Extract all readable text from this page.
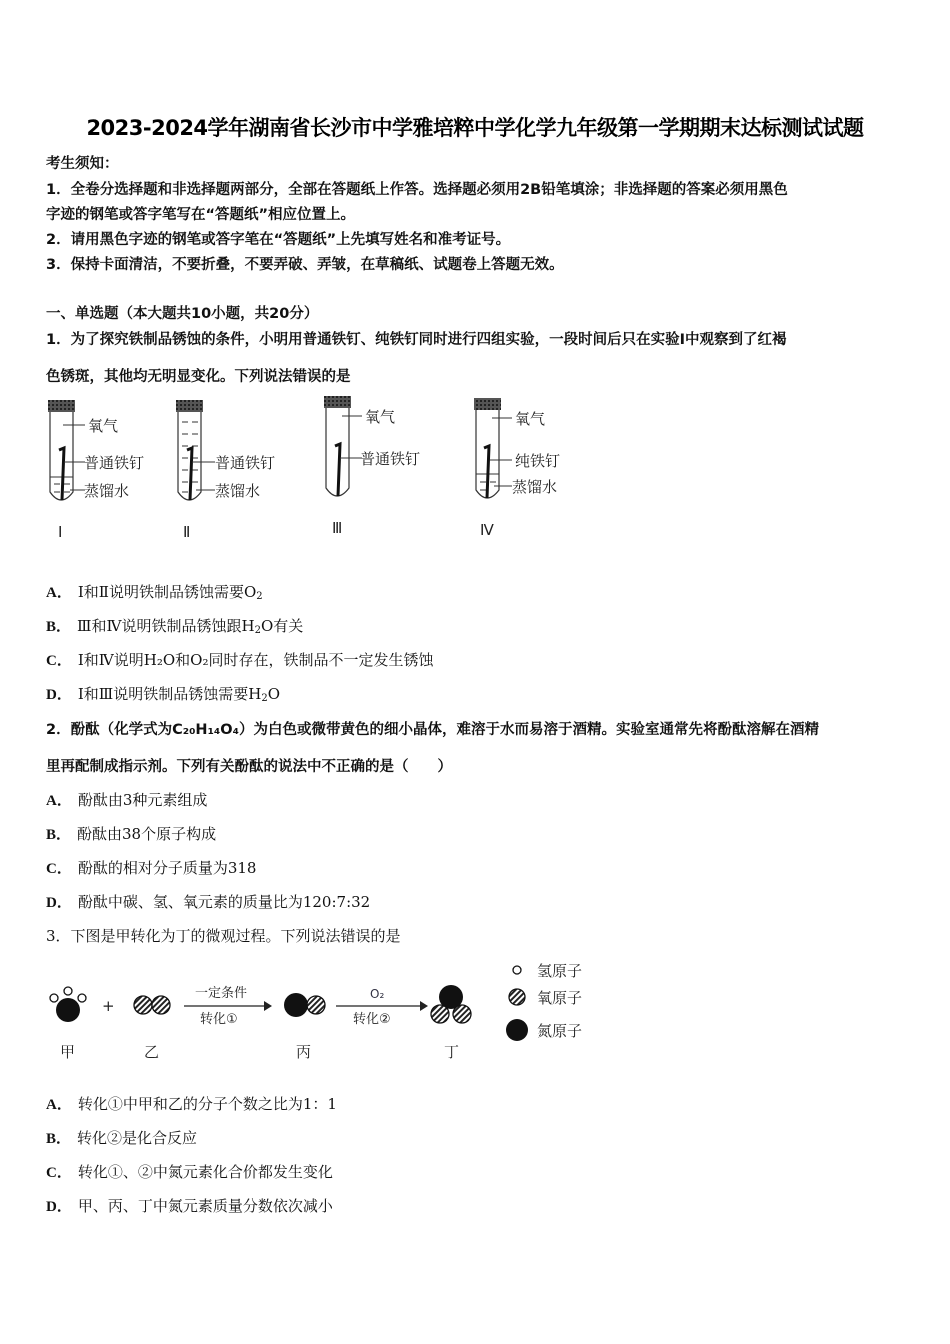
2023-2024学年湖南省长沙市中学雅培粹中学化学九年级第一学期期末达标测试试题
考生须知：
1．全卷分选择题和非选择题两部分，全部在答题纸上作答。选择题必须用2B铅笔填涂；非选择题的答案必须用黑色
字迹的钢笔或答字笔写在“答题纸”相应位置上。
2．请用黑色字迹的钢笔或答字笔在“答题纸”上先填写姓名和准考证号。
3．保持卡面清洁，不要折叠，不要弄破、弄皱，在草稿纸、试题卷上答题无效。
一、单选题（本大题共10小题，共20分）
1．为了探究铁制品锈蚀的条件，小明用普通铁钉、纯铁钉同时进行四组实验，一段时间后只在实验Ⅰ中观察到了红褐
色锈斑，其他均无明显变化。下列说法错误的是
氧气
普通铁钉
蒸馏水
Ⅰ
普通铁钉
蒸馏水
Ⅱ
氧气
普通铁钉
Ⅲ
氧气
纯铁钉
蒸馏水
Ⅳ
A． Ⅰ和Ⅱ说明铁制品锈蚀需要$O_2$
B． Ⅲ和Ⅳ说明铁制品锈蚀跟$H_2O$有关
C． Ⅰ和Ⅳ说明H₂O和O₂同时存在，铁制品不一定发生锈蚀
D． Ⅰ和Ⅲ说明铁制品锈蚀需要$H_2O$
2．酚酞（化学式为C₂₀H₁₄O₄）为白色或微带黄色的细小晶体，难溶于水而易溶于酒精。实验室通常先将酚酞溶解在酒精
里再配制成指示剂。下列有关酚酞的说法中不正确的是（　　）
A． 酚酞由3种元素组成
B． 酚酞由38个原子构成
C． 酚酞的相对分子质量为318
D． 酚酞中碳、氢、氧元素的质量比为120:7:32
3．下图是甲转化为丁的微观过程。下列说法错误的是
甲
+
乙
一定条件
转化①
丙
O₂
转化②
丁
氢原子
氧原子
氮原子
A． 转化①中甲和乙的分子个数之比为1：1
B． 转化②是化合反应
C． 转化①、②中氮元素化合价都发生变化
D． 甲、丙、丁中氮元素质量分数依次减小
